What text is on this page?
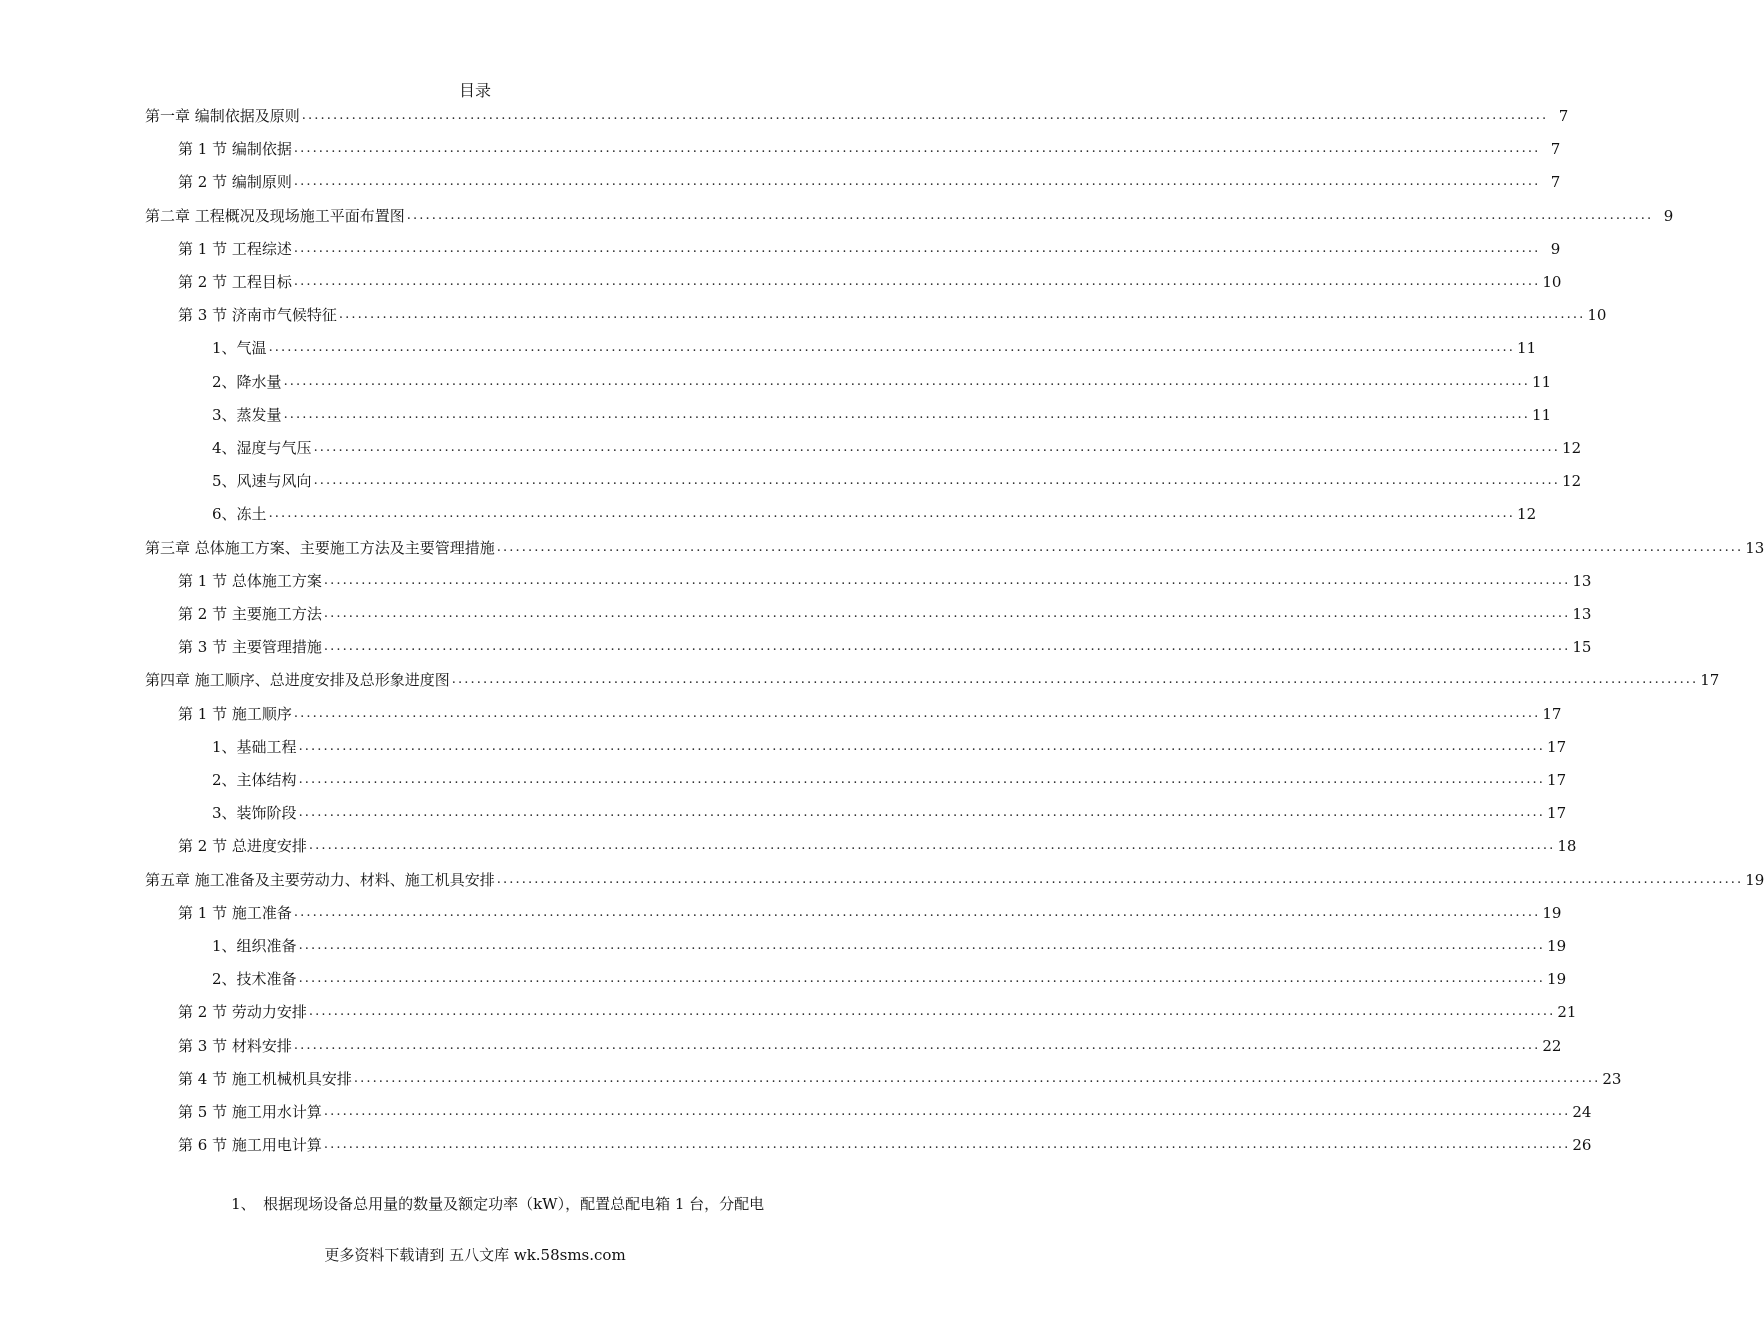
目录
第一章 编制依据及原则 ........................................................................................................................................................................................................ 7
第 1 节 编制依据 ........................................................................................................................................................................................................ 7
第 2 节 编制原则 ........................................................................................................................................................................................................ 7
第二章 工程概况及现场施工平面布置图 ........................................................................................................................................................................................................ 9
第 1 节 工程综述 ........................................................................................................................................................................................................ 9
第 2 节 工程目标 ........................................................................................................................................................................................................ 10
第 3 节 济南市气候特征 ........................................................................................................................................................................................................ 10
1、 气温 ........................................................................................................................................................................................................ 11
2、 降水量 ........................................................................................................................................................................................................ 11
3、 蒸发量 ........................................................................................................................................................................................................ 11
4、 湿度与气压 ........................................................................................................................................................................................................ 12
5、 风速与风向 ........................................................................................................................................................................................................ 12
6、 冻土 ........................................................................................................................................................................................................ 12
第三章 总体施工方案、主要施工方法及主要管理措施 ........................................................................................................................................................................................................ 13
第 1 节 总体施工方案 ........................................................................................................................................................................................................ 13
第 2 节 主要施工方法 ........................................................................................................................................................................................................ 13
第 3 节 主要管理措施 ........................................................................................................................................................................................................ 15
第四章 施工顺序、总进度安排及总形象进度图 ........................................................................................................................................................................................................ 17
第 1 节 施工顺序 ........................................................................................................................................................................................................ 17
1、 基础工程 ........................................................................................................................................................................................................ 17
2、 主体结构 ........................................................................................................................................................................................................ 17
3、 装饰阶段 ........................................................................................................................................................................................................ 17
第 2 节 总进度安排 ........................................................................................................................................................................................................ 18
第五章 施工准备及主要劳动力、材料、施工机具安排 ........................................................................................................................................................................................................ 19
第 1 节 施工准备 ........................................................................................................................................................................................................ 19
1、 组织准备 ........................................................................................................................................................................................................ 19
2、 技术准备 ........................................................................................................................................................................................................ 19
第 2 节 劳动力安排 ........................................................................................................................................................................................................ 21
第 3 节 材料安排 ........................................................................................................................................................................................................ 22
第 4 节 施工机械机具安排 ........................................................................................................................................................................................................ 23
第 5 节 施工用水计算 ........................................................................................................................................................................................................ 24
第 6 节 施工用电计算 ........................................................................................................................................................................................................ 26

1、 根据现场设备总用量的数量及额定功率（kW），配置总配电箱 1 台，分配电

更多资料下载请到 五八文库 wk.58sms.com
